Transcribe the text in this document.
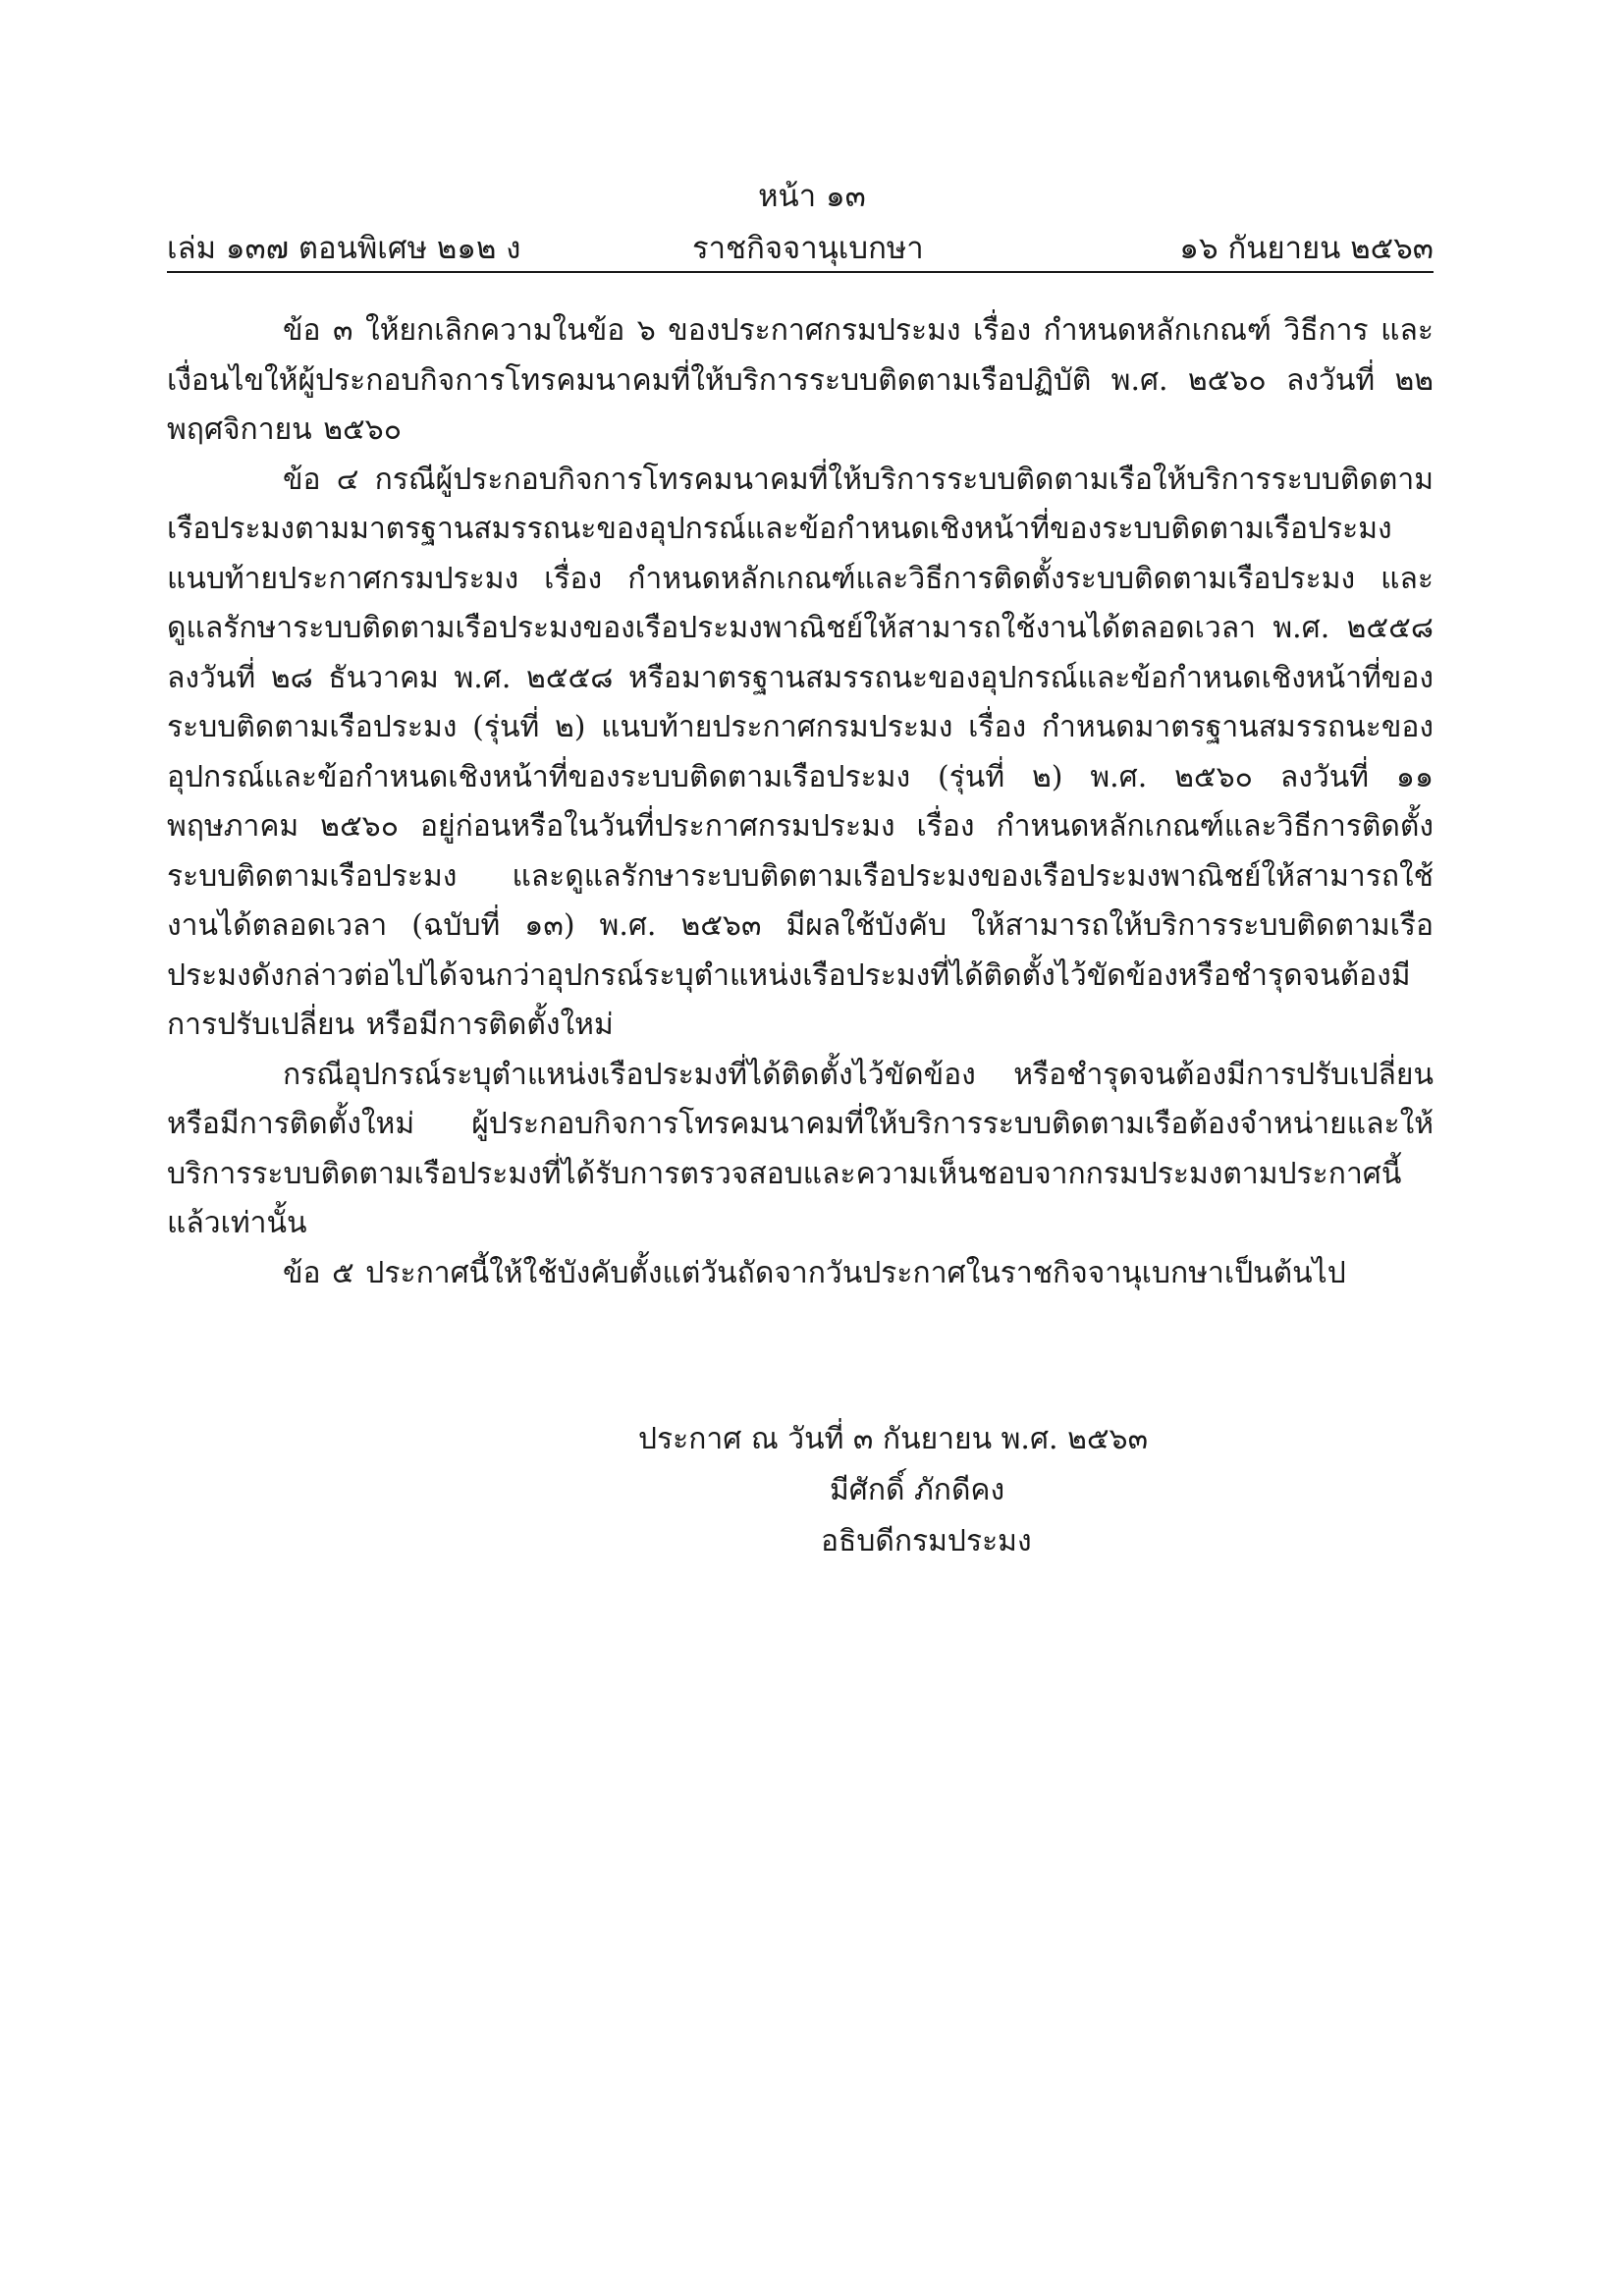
หน้า ๑๓
เล่ม ๑๓๗ ตอนพิเศษ ๒๑๒ ง	ราชกิจจานุเบกษา	๑๖ กันยายน ๒๕๖๓

ข้อ ๓ ให้ยกเลิกความในข้อ ๖ ของประกาศกรมประมง เรื่อง กำหนดหลักเกณฑ์ วิธีการ และเงื่อนไขให้ผู้ประกอบกิจการโทรคมนาคมที่ให้บริการระบบติดตามเรือปฏิบัติ พ.ศ. ๒๕๖๐ ลงวันที่ ๒๒ พฤศจิกายน ๒๕๖๐

ข้อ ๔ กรณีผู้ประกอบกิจการโทรคมนาคมที่ให้บริการระบบติดตามเรือให้บริการระบบติดตามเรือประมงตามมาตรฐานสมรรถนะของอุปกรณ์และข้อกำหนดเชิงหน้าที่ของระบบติดตามเรือประมงแนบท้ายประกาศกรมประมง เรื่อง กำหนดหลักเกณฑ์และวิธีการติดตั้งระบบติดตามเรือประมง และดูแลรักษาระบบติดตามเรือประมงของเรือประมงพาณิชย์ให้สามารถใช้งานได้ตลอดเวลา พ.ศ. ๒๕๕๘ ลงวันที่ ๒๘ ธันวาคม พ.ศ. ๒๕๕๘ หรือมาตรฐานสมรรถนะของอุปกรณ์และข้อกำหนดเชิงหน้าที่ของระบบติดตามเรือประมง (รุ่นที่ ๒) แนบท้ายประกาศกรมประมง เรื่อง กำหนดมาตรฐานสมรรถนะของอุปกรณ์และข้อกำหนดเชิงหน้าที่ของระบบติดตามเรือประมง (รุ่นที่ ๒) พ.ศ. ๒๕๖๐ ลงวันที่ ๑๑ พฤษภาคม ๒๕๖๐ อยู่ก่อนหรือในวันที่ประกาศกรมประมง เรื่อง กำหนดหลักเกณฑ์และวิธีการติดตั้งระบบติดตามเรือประมง และดูแลรักษาระบบติดตามเรือประมงของเรือประมงพาณิชย์ให้สามารถใช้งานได้ตลอดเวลา (ฉบับที่ ๑๓) พ.ศ. ๒๕๖๓ มีผลใช้บังคับ ให้สามารถให้บริการระบบติดตามเรือประมงดังกล่าวต่อไปได้จนกว่าอุปกรณ์ระบุตำแหน่งเรือประมงที่ได้ติดตั้งไว้ขัดข้องหรือชำรุดจนต้องมีการปรับเปลี่ยน หรือมีการติดตั้งใหม่

กรณีอุปกรณ์ระบุตำแหน่งเรือประมงที่ได้ติดตั้งไว้ขัดข้อง หรือชำรุดจนต้องมีการปรับเปลี่ยนหรือมีการติดตั้งใหม่ ผู้ประกอบกิจการโทรคมนาคมที่ให้บริการระบบติดตามเรือต้องจำหน่ายและให้บริการระบบติดตามเรือประมงที่ได้รับการตรวจสอบและความเห็นชอบจากกรมประมงตามประกาศนี้แล้วเท่านั้น

ข้อ ๕ ประกาศนี้ให้ใช้บังคับตั้งแต่วันถัดจากวันประกาศในราชกิจจานุเบกษาเป็นต้นไป

ประกาศ ณ วันที่ ๓ กันยายน พ.ศ. ๒๕๖๓
มีศักดิ์ ภักดีคง
อธิบดีกรมประมง
